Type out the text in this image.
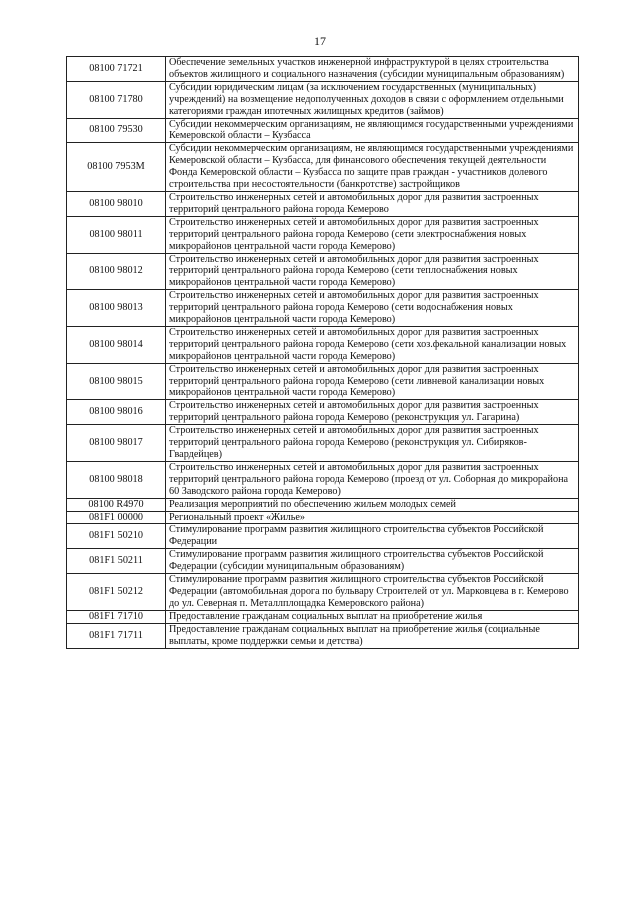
17
08100 71721	Обеспечение земельных участков инженерной инфраструктурой в целях строительства объектов жилищного и социального назначения (субсидии муниципальным образованиям)
08100 71780	Субсидии юридическим лицам (за исключением государственных (муниципальных) учреждений) на возмещение недополученных доходов в связи с оформлением отдельными категориями граждан ипотечных жилищных кредитов (займов)
08100 79530	Субсидии некоммерческим организациям, не являющимся государственными учреждениями Кемеровской области – Кузбасса
08100 7953M	Субсидии некоммерческим организациям, не являющимся государственными учреждениями Кемеровской области – Кузбасса, для финансового обеспечения текущей деятельности Фонда Кемеровской области – Кузбасса по защите прав граждан - участников долевого строительства при несостоятельности (банкротстве) застройщиков
08100 98010	Строительство инженерных сетей и автомобильных дорог для развития застроенных территорий центрального района города Кемерово
08100 98011	Строительство инженерных сетей и автомобильных дорог для развития застроенных территорий центрального района города Кемерово (сети электроснабжения новых микрорайонов центральной части города Кемерово)
08100 98012	Строительство инженерных сетей и автомобильных дорог для развития застроенных территорий центрального района города Кемерово (сети теплоснабжения новых микрорайонов центральной части города Кемерово)
08100 98013	Строительство инженерных сетей и автомобильных дорог для развития застроенных территорий центрального района города Кемерово (сети водоснабжения новых микрорайонов центральной части города Кемерово)
08100 98014	Строительство инженерных сетей и автомобильных дорог для развития застроенных территорий центрального района города Кемерово (сети хоз.фекальной канализации новых микрорайонов центральной части города Кемерово)
08100 98015	Строительство инженерных сетей и автомобильных дорог для развития застроенных территорий центрального района города Кемерово (сети ливневой канализации новых микрорайонов центральной части города Кемерово)
08100 98016	Строительство инженерных сетей и автомобильных дорог для развития застроенных территорий центрального района города Кемерово (реконструкция ул. Гагарина)
08100 98017	Строительство инженерных сетей и автомобильных дорог для развития застроенных территорий центрального района города Кемерово (реконструкция ул. Сибиряков-Гвардейцев)
08100 98018	Строительство инженерных сетей и автомобильных дорог для развития застроенных территорий центрального района города Кемерово (проезд от ул. Соборная до микрорайона 60 Заводского района города Кемерово)
08100 R4970	Реализация мероприятий по обеспечению жильем молодых семей
081F1 00000	Региональный проект «Жилье»
081F1 50210	Стимулирование программ развития жилищного строительства субъектов Российской Федерации
081F1 50211	Стимулирование программ развития жилищного строительства субъектов Российской Федерации (субсидии муниципальным образованиям)
081F1 50212	Стимулирование программ развития жилищного строительства субъектов Российской Федерации (автомобильная дорога по бульвару Строителей от ул. Марковцева в г. Кемерово до ул. Северная п. Металлплощадка Кемеровского района)
081F1 71710	Предоставление гражданам социальных выплат на приобретение жилья
081F1 71711	Предоставление гражданам социальных выплат на приобретение жилья (социальные выплаты, кроме поддержки семьи и детства)
